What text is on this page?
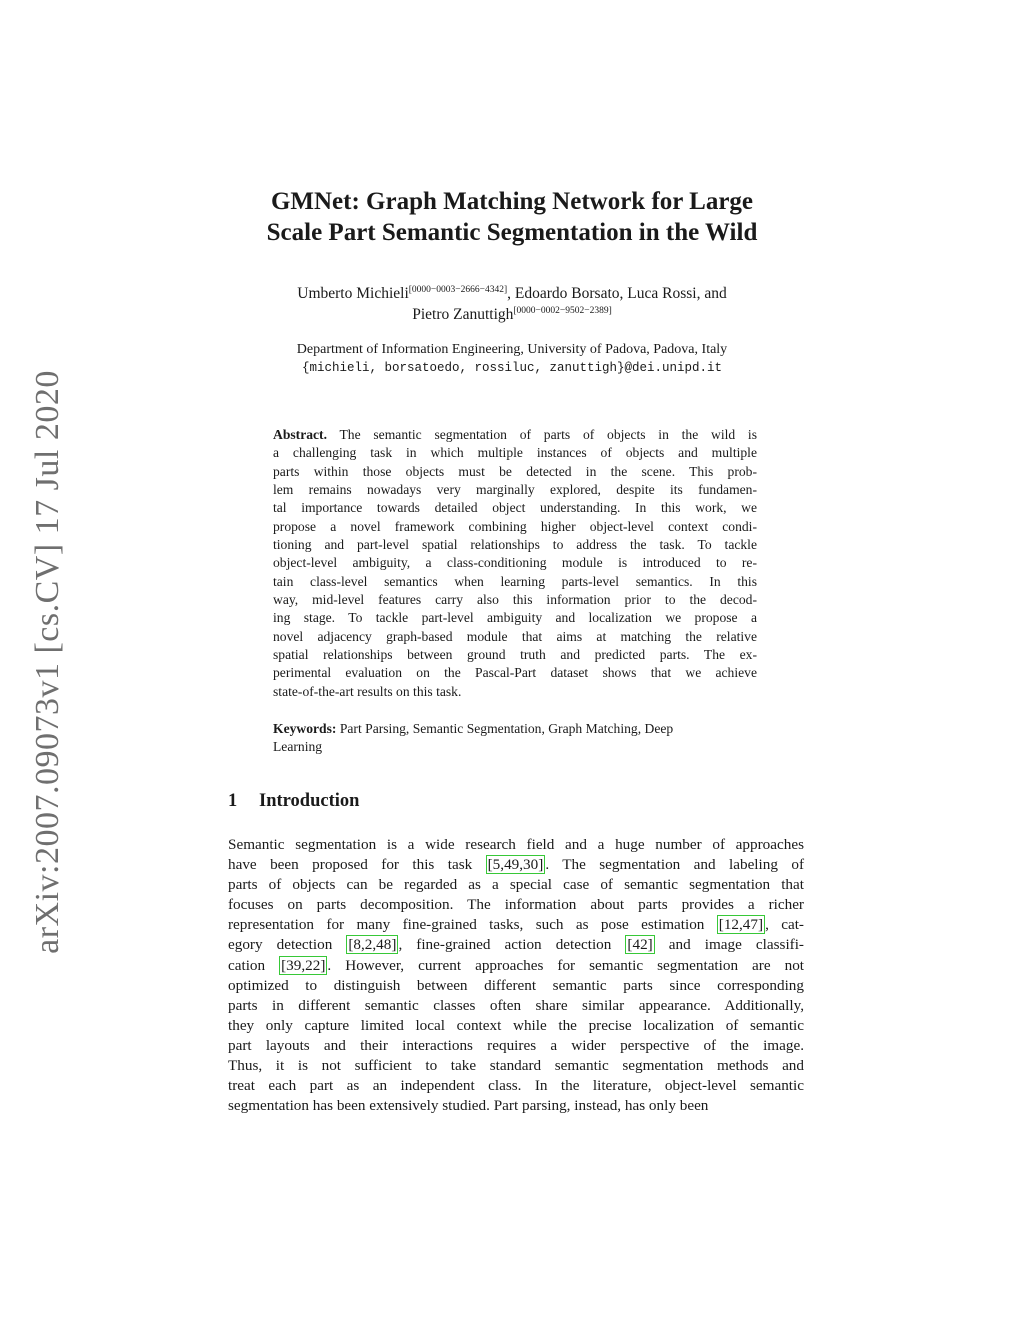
arXiv:2007.09073v1 [cs.CV] 17 Jul 2020
GMNet: Graph Matching Network for Large
Scale Part Semantic Segmentation in the Wild
Umberto Michieli[0000−0003−2666−4342], Edoardo Borsato, Luca Rossi, and
Pietro Zanuttigh[0000−0002−9502−2389]
Department of Information Engineering, University of Padova, Padova, Italy
{michieli, borsatoedo, rossiluc, zanuttigh}@dei.unipd.it
Abstract. The semantic segmentation of parts of objects in the wild is
a challenging task in which multiple instances of objects and multiple
parts within those objects must be detected in the scene. This prob-
lem remains nowadays very marginally explored, despite its fundamen-
tal importance towards detailed object understanding. In this work, we
propose a novel framework combining higher object-level context condi-
tioning and part-level spatial relationships to address the task. To tackle
object-level ambiguity, a class-conditioning module is introduced to re-
tain class-level semantics when learning parts-level semantics. In this
way, mid-level features carry also this information prior to the decod-
ing stage. To tackle part-level ambiguity and localization we propose a
novel adjacency graph-based module that aims at matching the relative
spatial relationships between ground truth and predicted parts. The ex-
perimental evaluation on the Pascal-Part dataset shows that we achieve
state-of-the-art results on this task.
Keywords: Part Parsing, Semantic Segmentation, Graph Matching, Deep
Learning
1 Introduction
Semantic segmentation is a wide research field and a huge number of approaches
have been proposed for this task [5,49,30] . The segmentation and labeling of
parts of objects can be regarded as a special case of semantic segmentation that
focuses on parts decomposition. The information about parts provides a richer
representation for many fine-grained tasks, such as pose estimation [12,47] , cat-
egory detection [8,2,48] , fine-grained action detection [42] and image classifi-
cation [39,22] . However, current approaches for semantic segmentation are not
optimized to distinguish between different semantic parts since corresponding
parts in different semantic classes often share similar appearance. Additionally,
they only capture limited local context while the precise localization of semantic
part layouts and their interactions requires a wider perspective of the image.
Thus, it is not sufficient to take standard semantic segmentation methods and
treat each part as an independent class. In the literature, object-level semantic
segmentation has been extensively studied. Part parsing, instead, has only been
